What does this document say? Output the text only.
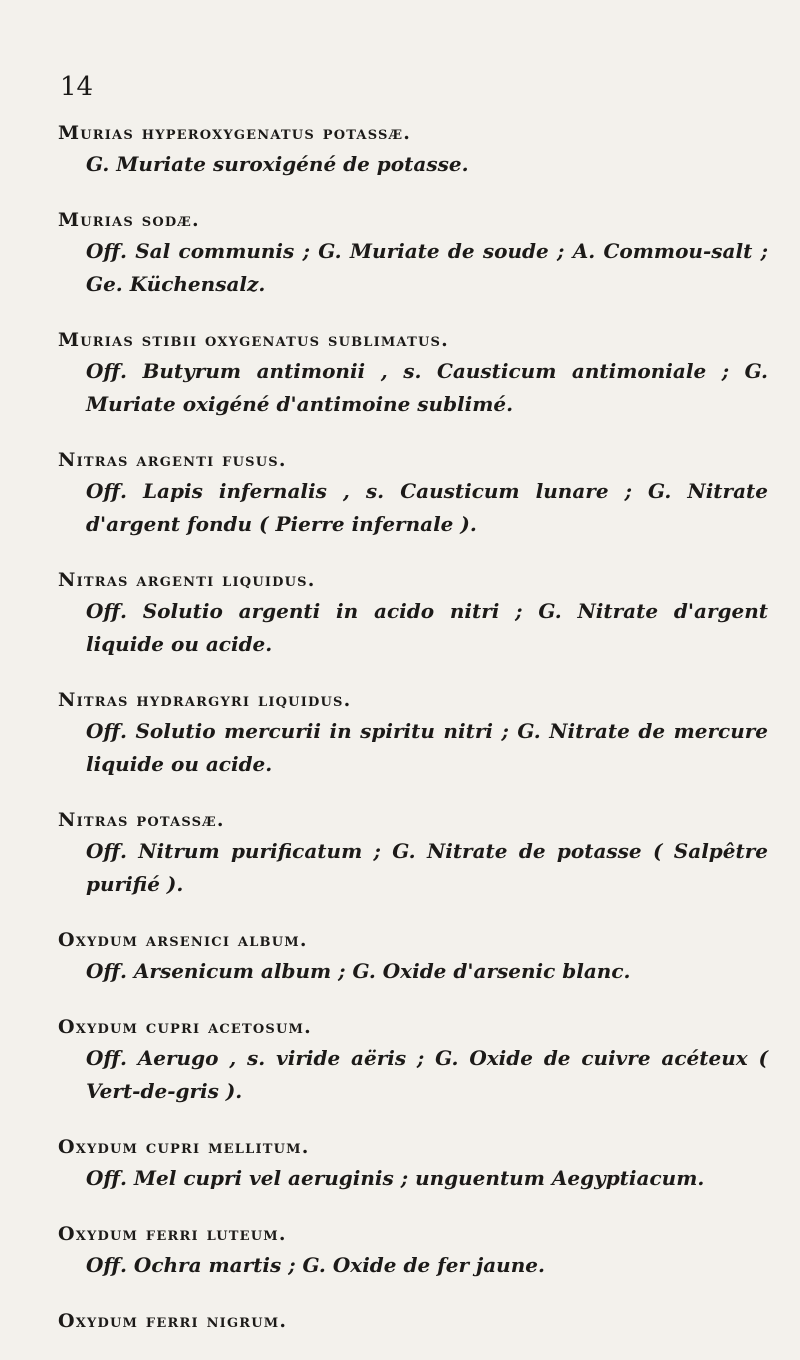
14
Murias hyperoxygenatus potassæ.
G. Muriate suroxigéné de potasse.
Murias sodæ.
Off. Sal communis ; G. Muriate de soude ; A. Commou-salt ; Ge. Küchensalz.
Murias stibii oxygenatus sublimatus.
Off. Butyrum antimonii , s. Causticum antimoniale ; G. Muriate oxigéné d'antimoine sublimé.
Nitras argenti fusus.
Off. Lapis infernalis , s. Causticum lunare ; G. Nitrate d'argent fondu ( Pierre infernale ).
Nitras argenti liquidus.
Off. Solutio argenti in acido nitri ; G. Nitrate d'argent liquide ou acide.
Nitras hydrargyri liquidus.
Off. Solutio mercurii in spiritu nitri ; G. Nitrate de mercure liquide ou acide.
Nitras potassæ.
Off. Nitrum purificatum ; G. Nitrate de potasse ( Salpêtre purifié ).
Oxydum arsenici album.
Off. Arsenicum album ; G. Oxide d'arsenic blanc.
Oxydum cupri acetosum.
Off. Aerugo , s. viride aëris ; G. Oxide de cuivre acéteux ( Vert-de-gris ).
Oxydum cupri mellitum.
Off. Mel cupri vel aeruginis ; unguentum Aegyptiacum.
Oxydum ferri luteum.
Off. Ochra martis ; G. Oxide de fer jaune.
Oxydum ferri nigrum.
